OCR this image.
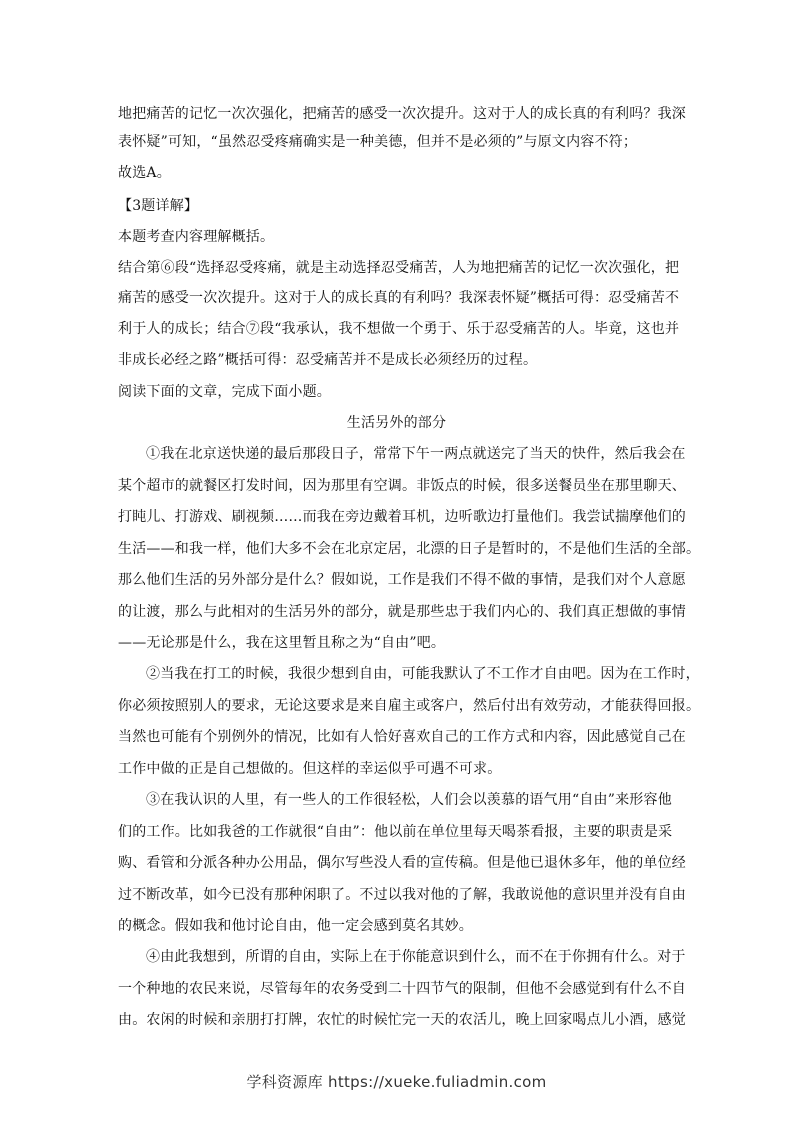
地把痛苦的记忆一次次强化，把痛苦的感受一次次提升。这对于人的成长真的有利吗？我深
表怀疑”可知，“虽然忍受疼痛确实是一种美德，但并不是必须的”与原文内容不符；
故选A。
【3题详解】
本题考查内容理解概括。
结合第⑥段“选择忍受疼痛，就是主动选择忍受痛苦，人为地把痛苦的记忆一次次强化，把
痛苦的感受一次次提升。这对于人的成长真的有利吗？我深表怀疑”概括可得：忍受痛苦不
利于人的成长；结合⑦段“我承认，我不想做一个勇于、乐于忍受痛苦的人。毕竟，这也并
非成长必经之路”概括可得：忍受痛苦并不是成长必须经历的过程。
阅读下面的文章，完成下面小题。
生活另外的部分
①我在北京送快递的最后那段日子，常常下午一两点就送完了当天的快件，然后我会在
某个超市的就餐区打发时间，因为那里有空调。非饭点的时候，很多送餐员坐在那里聊天、
打盹儿、打游戏、刷视频……而我在旁边戴着耳机，边听歌边打量他们。我尝试揣摩他们的
生活——和我一样，他们大多不会在北京定居，北漂的日子是暂时的，不是他们生活的全部。
那么他们生活的另外部分是什么？假如说，工作是我们不得不做的事情，是我们对个人意愿
的让渡，那么与此相对的生活另外的部分，就是那些忠于我们内心的、我们真正想做的事情
——无论那是什么，我在这里暂且称之为“自由”吧。
②当我在打工的时候，我很少想到自由，可能我默认了不工作才自由吧。因为在工作时，
你必须按照别人的要求，无论这要求是来自雇主或客户，然后付出有效劳动，才能获得回报。
当然也可能有个别例外的情况，比如有人恰好喜欢自己的工作方式和内容，因此感觉自己在
工作中做的正是自己想做的。但这样的幸运似乎可遇不可求。
③在我认识的人里，有一些人的工作很轻松，人们会以羡慕的语气用“自由”来形容他
们的工作。比如我爸的工作就很“自由”：他以前在单位里每天喝茶看报，主要的职责是采
购、看管和分派各种办公用品，偶尔写些没人看的宣传稿。但是他已退休多年，他的单位经
过不断改革，如今已没有那种闲职了。不过以我对他的了解，我敢说他的意识里并没有自由
的概念。假如我和他讨论自由，他一定会感到莫名其妙。
④由此我想到，所谓的自由，实际上在于你能意识到什么，而不在于你拥有什么。对于
一个种地的农民来说，尽管每年的农务受到二十四节气的限制，但他不会感觉到有什么不自
由。农闲的时候和亲朋打打牌，农忙的时候忙完一天的农活儿，晚上回家喝点儿小酒，感觉
学科资源库 https://xueke.fuliadmin.com
